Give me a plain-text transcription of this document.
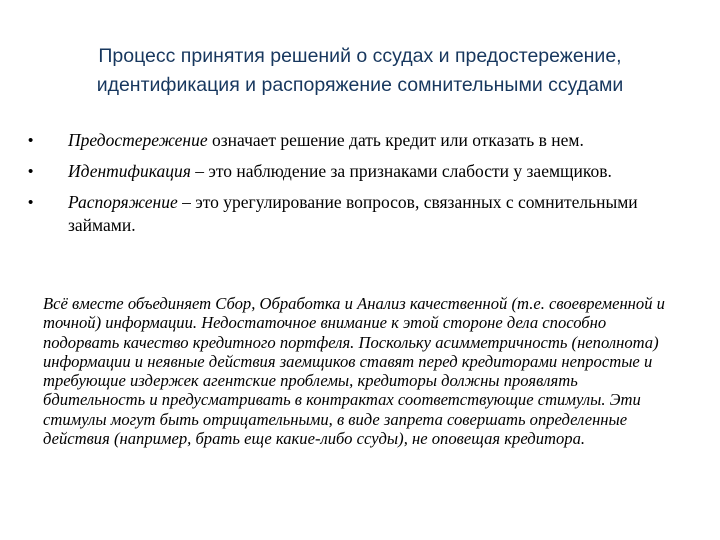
Процесс принятия решений о ссудах и предостережение,
идентификация и распоряжение сомнительными ссудами
• Предостережение означает решение дать кредит или отказать в нем.
• Идентификация – это наблюдение за признаками слабости у заемщиков.
• Распоряжение – это урегулирование вопросов, связанных с сомнительными займами.
Всё вместе объединяет Сбор, Обработка и Анализ качественной (т.е. своевременной и точной) информации. Недостаточное внимание к этой стороне дела способно подорвать качество кредитного портфеля. Поскольку асимметричность (неполнота) информации и неявные действия заемщиков ставят перед кредиторами непростые и требующие издержек агентские проблемы, кредиторы должны проявлять бдительность и предусматривать в контрактах соответствующие стимулы. Эти стимулы могут быть отрицательными, в виде запрета совершать определенные действия (например, брать еще какие-либо ссуды), не оповещая кредитора.
